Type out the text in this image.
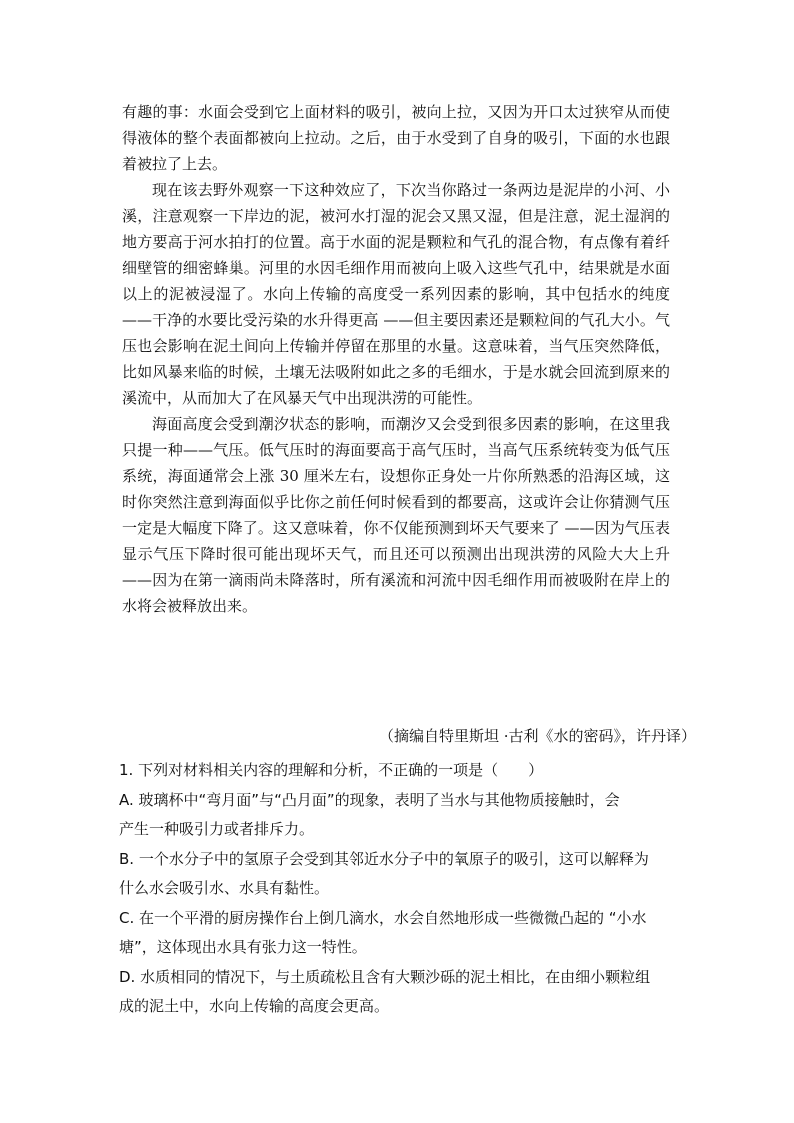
有趣的事：水面会受到它上面材料的吸引，被向上拉，又因为开口太过狭窄从而使得液体的整个表面都被向上拉动。之后，由于水受到了自身的吸引，下面的水也跟着被拉了上去。

现在该去野外观察一下这种效应了，下次当你路过一条两边是泥岸的小河、小溪，注意观察一下岸边的泥，被河水打湿的泥会又黑又湿，但是注意，泥土湿润的地方要高于河水拍打的位置。高于水面的泥是颗粒和气孔的混合物，有点像有着纤细壁管的细密蜂巢。河里的水因毛细作用而被向上吸入这些气孔中，结果就是水面以上的泥被浸湿了。水向上传输的高度受一系列因素的影响，其中包括水的纯度 ——干净的水要比受污染的水升得更高 ——但主要因素还是颗粒间的气孔大小。气压也会影响在泥土间向上传输并停留在那里的水量。这意味着，当气压突然降低，比如风暴来临的时候，土壤无法吸附如此之多的毛细水，于是水就会回流到原来的溪流中，从而加大了在风暴天气中出现洪涝的可能性。

海面高度会受到潮汐状态的影响，而潮汐又会受到很多因素的影响，在这里我只提一种——气压。低气压时的海面要高于高气压时，当高气压系统转变为低气压系统，海面通常会上涨 30 厘米左右，设想你正身处一片你所熟悉的沿海区域，这时你突然注意到海面似乎比你之前任何时候看到的都要高，这或许会让你猜测气压一定是大幅度下降了。这又意味着，你不仅能预测到坏天气要来了 ——因为气压表显示气压下降时很可能出现坏天气，而且还可以预测出出现洪涝的风险大大上升 ——因为在第一滴雨尚未降落时，所有溪流和河流中因毛细作用而被吸附在岸上的水将会被释放出来。

（摘编自特里斯坦 ·古利《水的密码》，许丹译）

1. 下列对材料相关内容的理解和分析，不正确的一项是（　　）

A. 玻璃杯中“弯月面”与“凸月面”的现象，表明了当水与其他物质接触时，会

产生一种吸引力或者排斥力。

B. 一个水分子中的氢原子会受到其邻近水分子中的氧原子的吸引，这可以解释为

什么水会吸引水、水具有黏性。

C. 在一个平滑的厨房操作台上倒几滴水，水会自然地形成一些微微凸起的 “小水

塘”，这体现出水具有张力这一特性。

D. 水质相同的情况下，与土质疏松且含有大颗沙砾的泥土相比，在由细小颗粒组

成的泥土中，水向上传输的高度会更高。
